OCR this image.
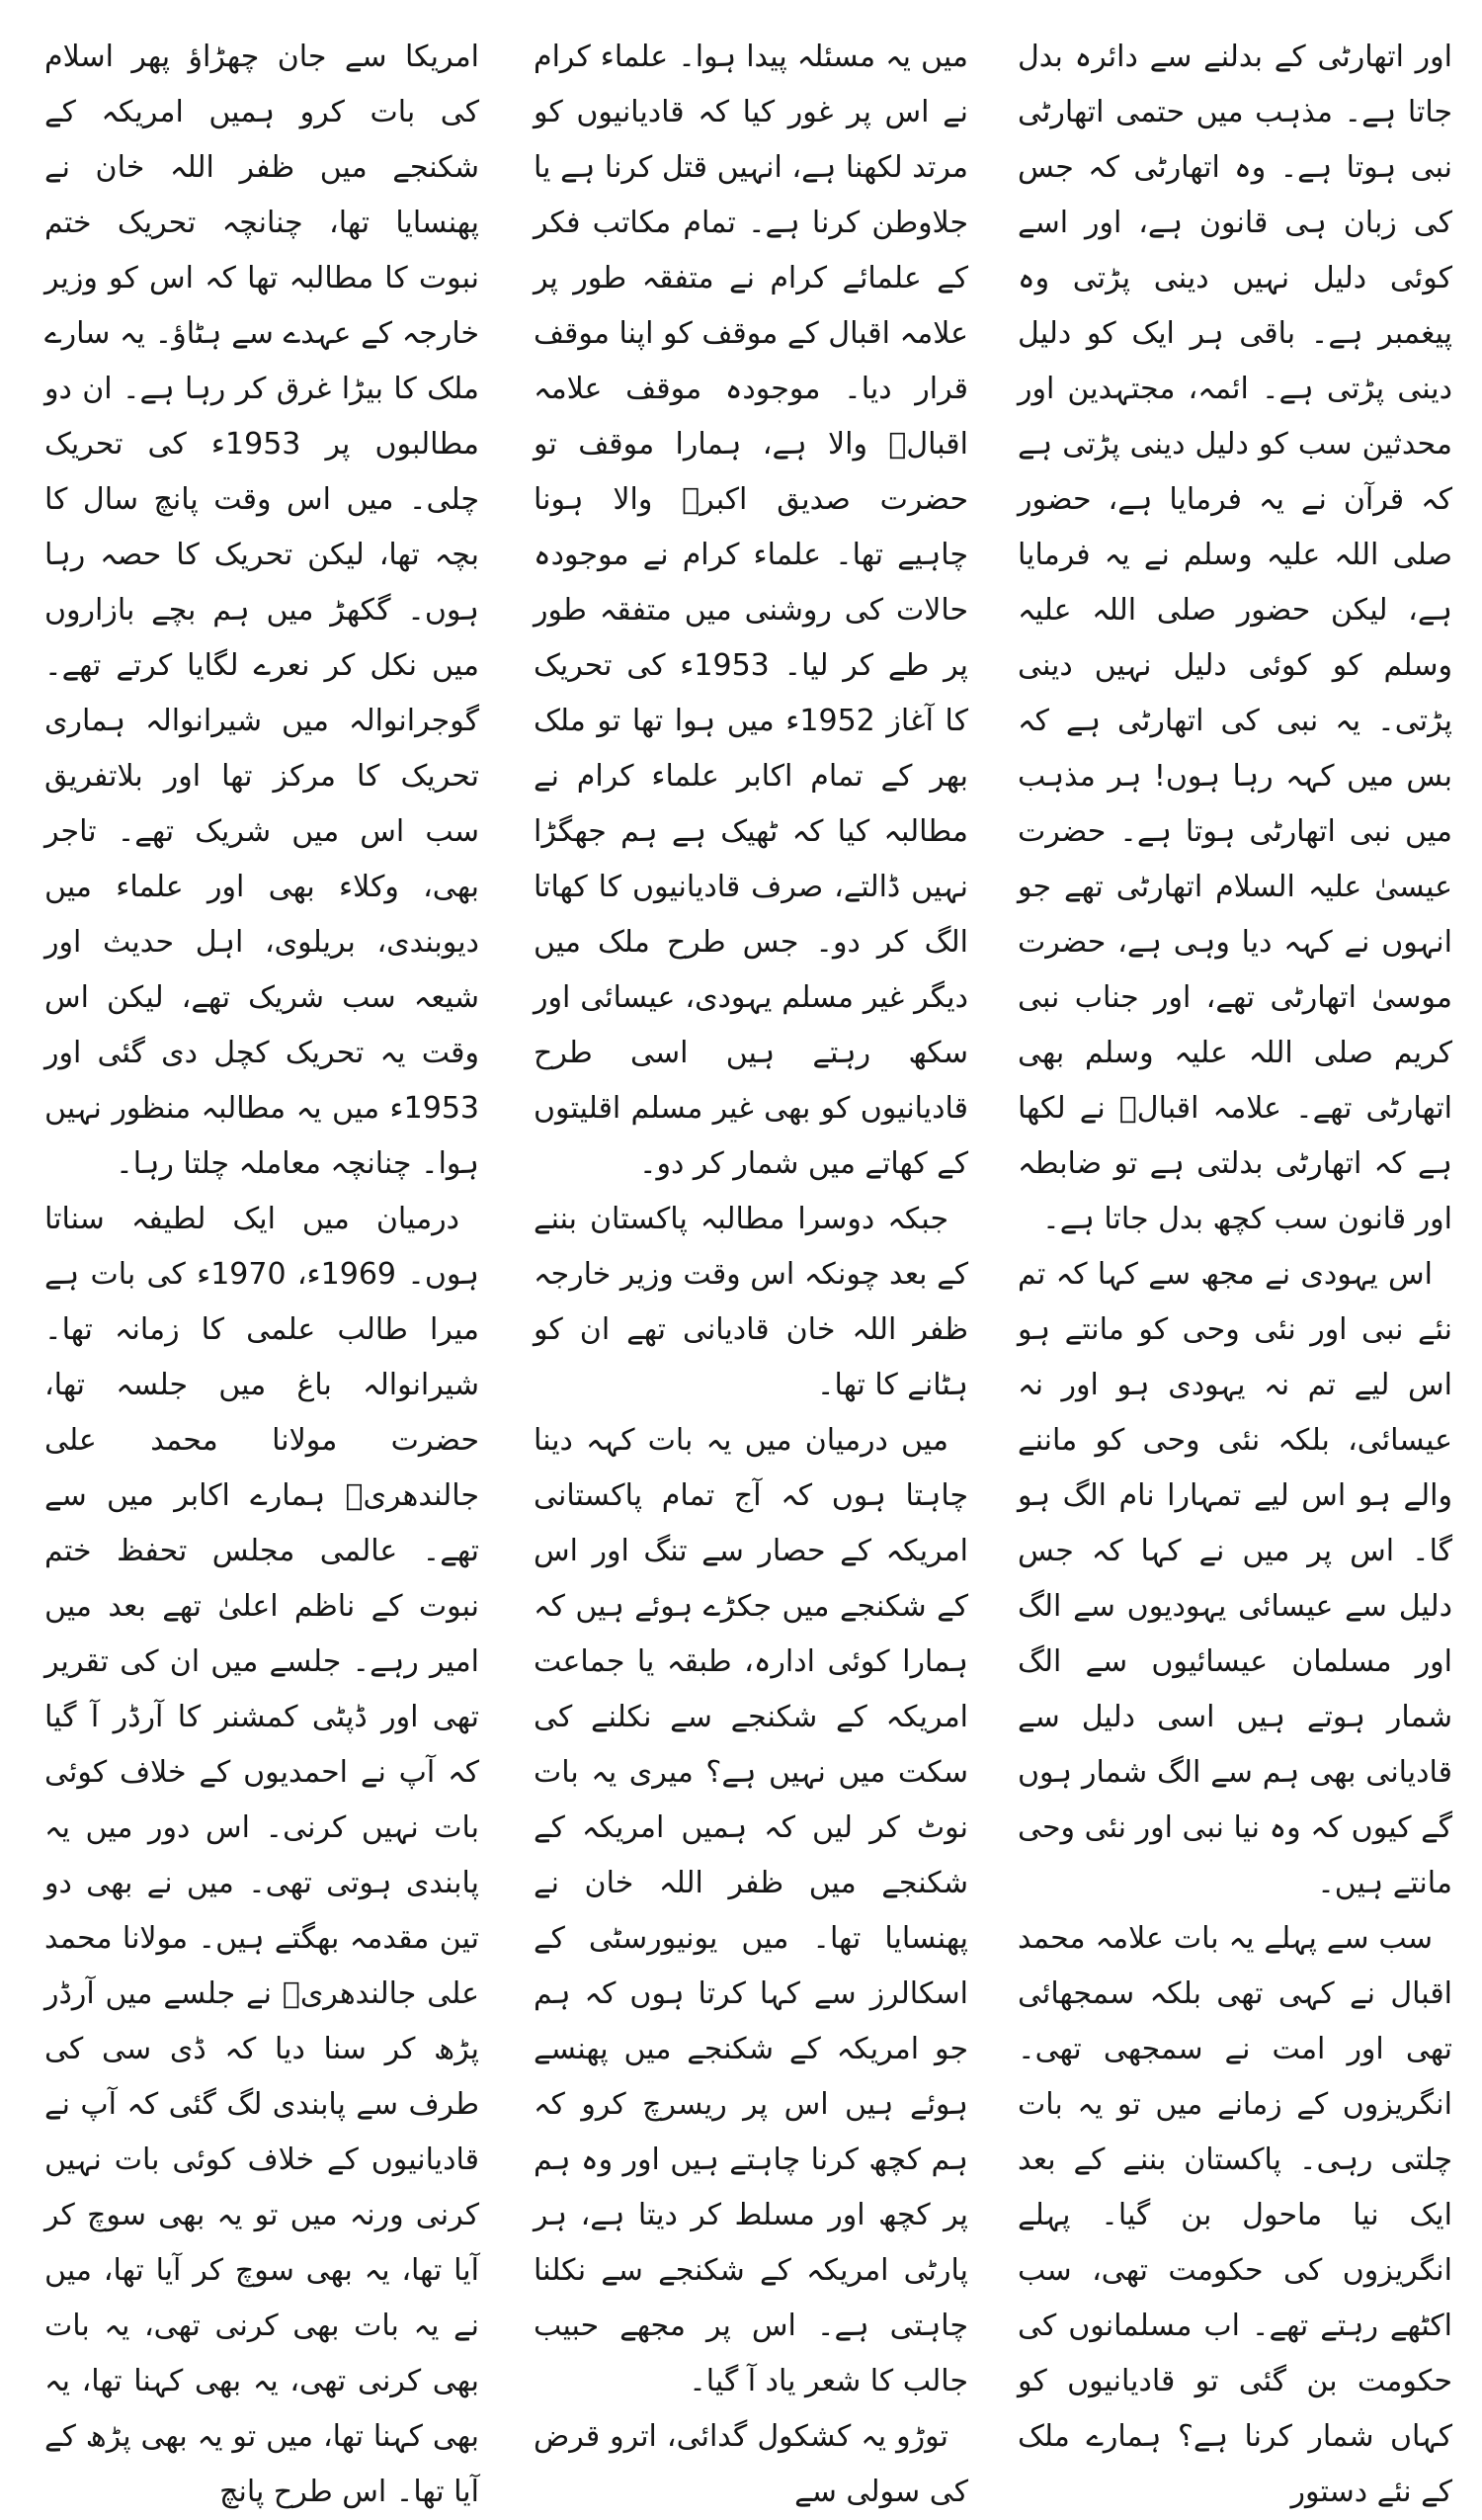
اور اتھارٹی کے بدلنے سے دائرہ بدل جاتا ہے۔ مذہب میں حتمی اتھارٹی نبی ہوتا ہے۔ وہ اتھارٹی کہ جس کی زبان ہی قانون ہے، اور اسے کوئی دلیل نہیں دینی پڑتی وہ پیغمبر ہے۔ باقی ہر ایک کو دلیل دینی پڑتی ہے۔ ائمہ، مجتہدین اور محدثین سب کو دلیل دینی پڑتی ہے کہ قرآن نے یہ فرمایا ہے، حضور صلی اللہ علیہ وسلم نے یہ فرمایا ہے، لیکن حضور صلی اللہ علیہ وسلم کو کوئی دلیل نہیں دینی پڑتی۔ یہ نبی کی اتھارٹی ہے کہ بس میں کہہ رہا ہوں! ہر مذہب میں نبی اتھارٹی ہوتا ہے۔ حضرت عیسیٰ علیہ السلام اتھارٹی تھے جو انہوں نے کہہ دیا وہی ہے، حضرت موسیٰ اتھارٹی تھے، اور جناب نبی کریم صلی اللہ علیہ وسلم بھی اتھارٹی تھے۔ علامہ اقبالؒ نے لکھا ہے کہ اتھارٹی بدلتی ہے تو ضابطہ اور قانون سب کچھ بدل جاتا ہے۔

اس یہودی نے مجھ سے کہا کہ تم نئے نبی اور نئی وحی کو مانتے ہو اس لیے تم نہ یہودی ہو اور نہ عیسائی، بلکہ نئی وحی کو ماننے والے ہو اس لیے تمہارا نام الگ ہو گا۔ اس پر میں نے کہا کہ جس دلیل سے عیسائی یہودیوں سے الگ اور مسلمان عیسائیوں سے الگ شمار ہوتے ہیں اسی دلیل سے قادیانی بھی ہم سے الگ شمار ہوں گے کیوں کہ وہ نیا نبی اور نئی وحی مانتے ہیں۔

سب سے پہلے یہ بات علامہ محمد اقبال نے کہی تھی بلکہ سمجھائی تھی اور امت نے سمجھی تھی۔ انگریزوں کے زمانے میں تو یہ بات چلتی رہی۔ پاکستان بننے کے بعد ایک نیا ماحول بن گیا۔ پہلے انگریزوں کی حکومت تھی، سب اکٹھے رہتے تھے۔ اب مسلمانوں کی حکومت بن گئی تو قادیانیوں کو کہاں شمار کرنا ہے؟ ہمارے ملک کے نئے دستور

میں یہ مسئلہ پیدا ہوا۔ علماء کرام نے اس پر غور کیا کہ قادیانیوں کو مرتد لکھنا ہے، انہیں قتل کرنا ہے یا جلاوطن کرنا ہے۔ تمام مکاتب فکر کے علمائے کرام نے متفقہ طور پر علامہ اقبال کے موقف کو اپنا موقف قرار دیا۔ موجودہ موقف علامہ اقبالؒ والا ہے، ہمارا موقف تو حضرت صدیق اکبرؓ والا ہونا چاہیے تھا۔ علماء کرام نے موجودہ حالات کی روشنی میں متفقہ طور پر طے کر لیا۔ 1953ء کی تحریک کا آغاز 1952ء میں ہوا تھا تو ملک بھر کے تمام اکابر علماء کرام نے مطالبہ کیا کہ ٹھیک ہے ہم جھگڑا نہیں ڈالتے، صرف قادیانیوں کا کھاتا الگ کر دو۔ جس طرح ملک میں دیگر غیر مسلم یہودی، عیسائی اور سکھ رہتے ہیں اسی طرح قادیانیوں کو بھی غیر مسلم اقلیتوں کے کھاتے میں شمار کر دو۔

جبکہ دوسرا مطالبہ پاکستان بننے کے بعد چونکہ اس وقت وزیر خارجہ ظفر اللہ خان قادیانی تھے ان کو ہٹانے کا تھا۔

میں درمیان میں یہ بات کہہ دینا چاہتا ہوں کہ آج تمام پاکستانی امریکہ کے حصار سے تنگ اور اس کے شکنجے میں جکڑے ہوئے ہیں کہ ہمارا کوئی ادارہ، طبقہ یا جماعت امریکہ کے شکنجے سے نکلنے کی سکت میں نہیں ہے؟ میری یہ بات نوٹ کر لیں کہ ہمیں امریکہ کے شکنجے میں ظفر اللہ خان نے پھنسایا تھا۔ میں یونیورسٹی کے اسکالرز سے کہا کرتا ہوں کہ ہم جو امریکہ کے شکنجے میں پھنسے ہوئے ہیں اس پر ریسرچ کرو کہ ہم کچھ کرنا چاہتے ہیں اور وہ ہم پر کچھ اور مسلط کر دیتا ہے، ہر پارٹی امریکہ کے شکنجے سے نکلنا چاہتی ہے۔ اس پر مجھے حبیب جالب کا شعر یاد آ گیا۔

توڑو یہ کشکول گدائی، اترو قرض کی سولی سے

امریکا سے جان چھڑاؤ پھر اسلام کی بات کرو ہمیں امریکہ کے شکنجے میں ظفر اللہ خان نے پھنسایا تھا، چنانچہ تحریک ختم نبوت کا مطالبہ تھا کہ اس کو وزیر خارجہ کے عہدے سے ہٹاؤ۔ یہ سارے ملک کا بیڑا غرق کر رہا ہے۔ ان دو مطالبوں پر 1953ء کی تحریک چلی۔ میں اس وقت پانچ سال کا بچہ تھا، لیکن تحریک کا حصہ رہا ہوں۔ گکھڑ میں ہم بچے بازاروں میں نکل کر نعرے لگایا کرتے تھے۔ گوجرانوالہ میں شیرانوالہ ہماری تحریک کا مرکز تھا اور بلاتفریق سب اس میں شریک تھے۔ تاجر بھی، وکلاء بھی اور علماء میں دیوبندی، بریلوی، اہل حدیث اور شیعہ سب شریک تھے، لیکن اس وقت یہ تحریک کچل دی گئی اور 1953ء میں یہ مطالبہ منظور نہیں ہوا۔ چنانچہ معاملہ چلتا رہا۔

درمیان میں ایک لطیفہ سناتا ہوں۔ 1969ء، 1970ء کی بات ہے میرا طالب علمی کا زمانہ تھا۔ شیرانوالہ باغ میں جلسہ تھا، حضرت مولانا محمد علی جالندھریؒ ہمارے اکابر میں سے تھے۔ عالمی مجلس تحفظ ختم نبوت کے ناظم اعلیٰ تھے بعد میں امیر رہے۔ جلسے میں ان کی تقریر تھی اور ڈپٹی کمشنر کا آرڈر آ گیا کہ آپ نے احمدیوں کے خلاف کوئی بات نہیں کرنی۔ اس دور میں یہ پابندی ہوتی تھی۔ میں نے بھی دو تین مقدمہ بھگتے ہیں۔ مولانا محمد علی جالندھریؒ نے جلسے میں آرڈر پڑھ کر سنا دیا کہ ڈی سی کی طرف سے پابندی لگ گئی کہ آپ نے قادیانیوں کے خلاف کوئی بات نہیں کرنی ورنہ میں تو یہ بھی سوچ کر آیا تھا، یہ بھی سوچ کر آیا تھا، میں نے یہ بات بھی کرنی تھی، یہ بات بھی کرنی تھی، یہ بھی کہنا تھا، یہ بھی کہنا تھا، میں تو یہ بھی پڑھ کے آیا تھا۔ اس طرح پانچ
